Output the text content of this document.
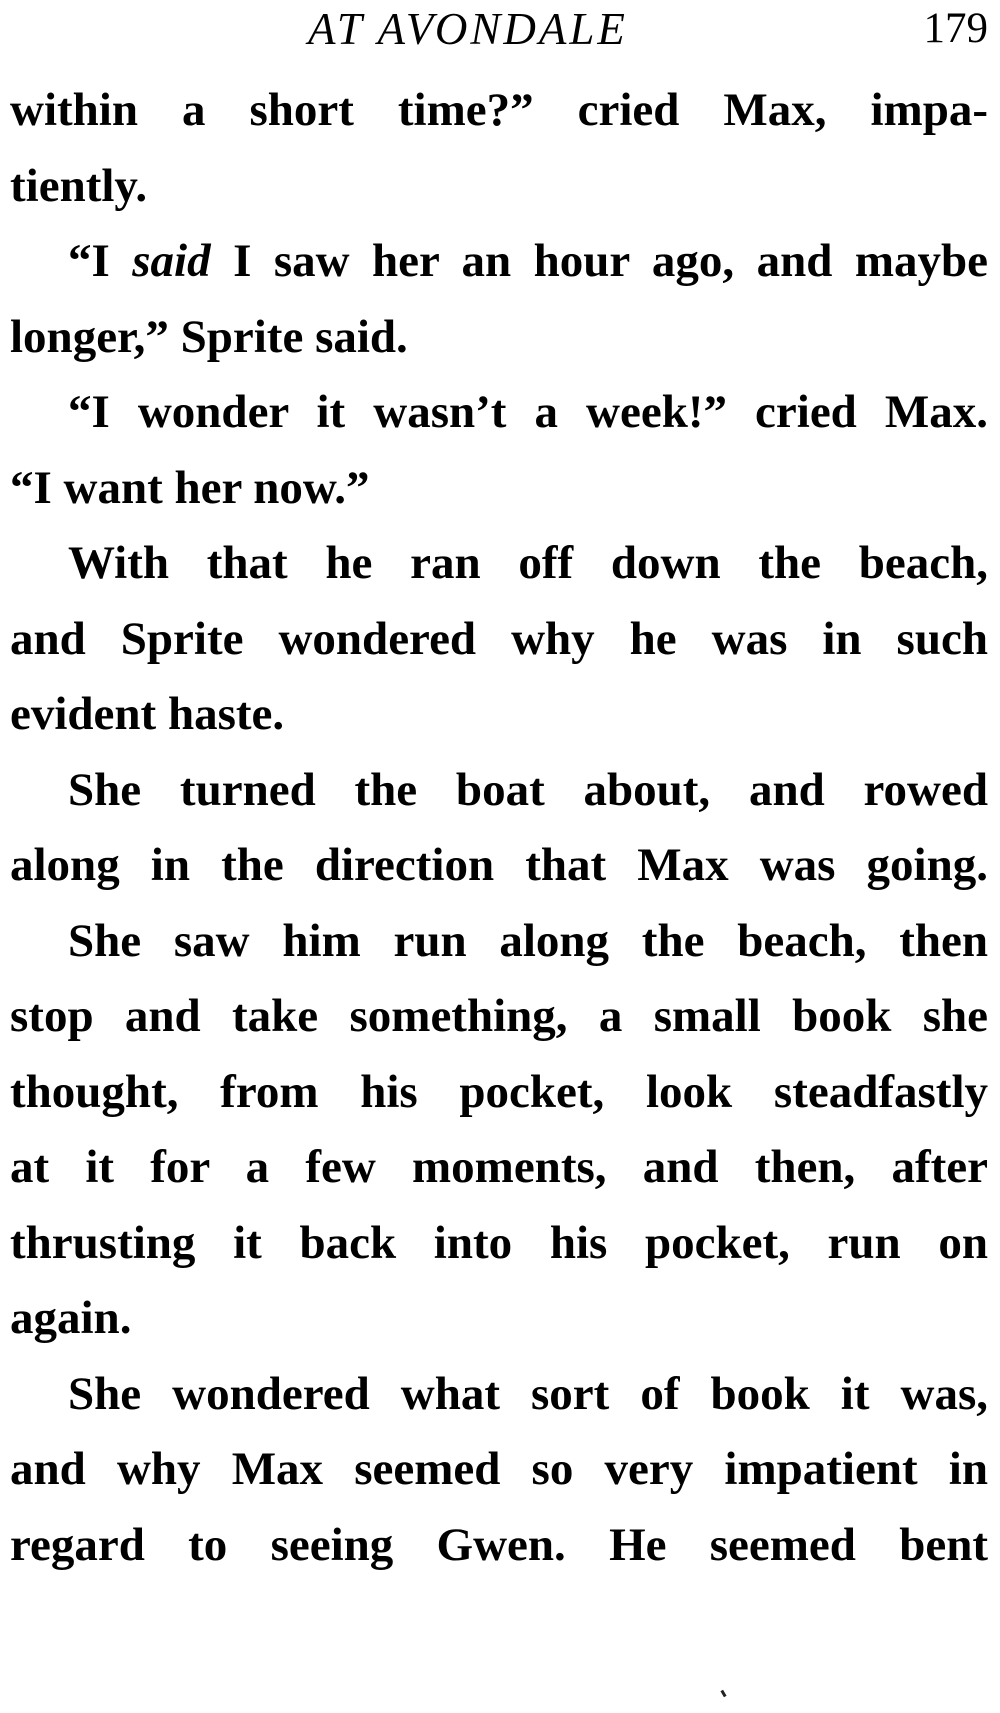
AT AVONDALE	179
within a short time?” cried Max, impa-
tiently.
“I said I saw her an hour ago, and maybe
longer,” Sprite said.
“I wonder it wasn’t a week!” cried Max.
“I want her now.”
With that he ran off down the beach,
and Sprite wondered why he was in such
evident haste.
She turned the boat about, and rowed
along in the direction that Max was going.
She saw him run along the beach, then
stop and take something, a small book she
thought, from his pocket, look steadfastly
at it for a few moments, and then, after
thrusting it back into his pocket, run on
again.
She wondered what sort of book it was,
and why Max seemed so very impatient in
regard to seeing Gwen. He seemed bent
